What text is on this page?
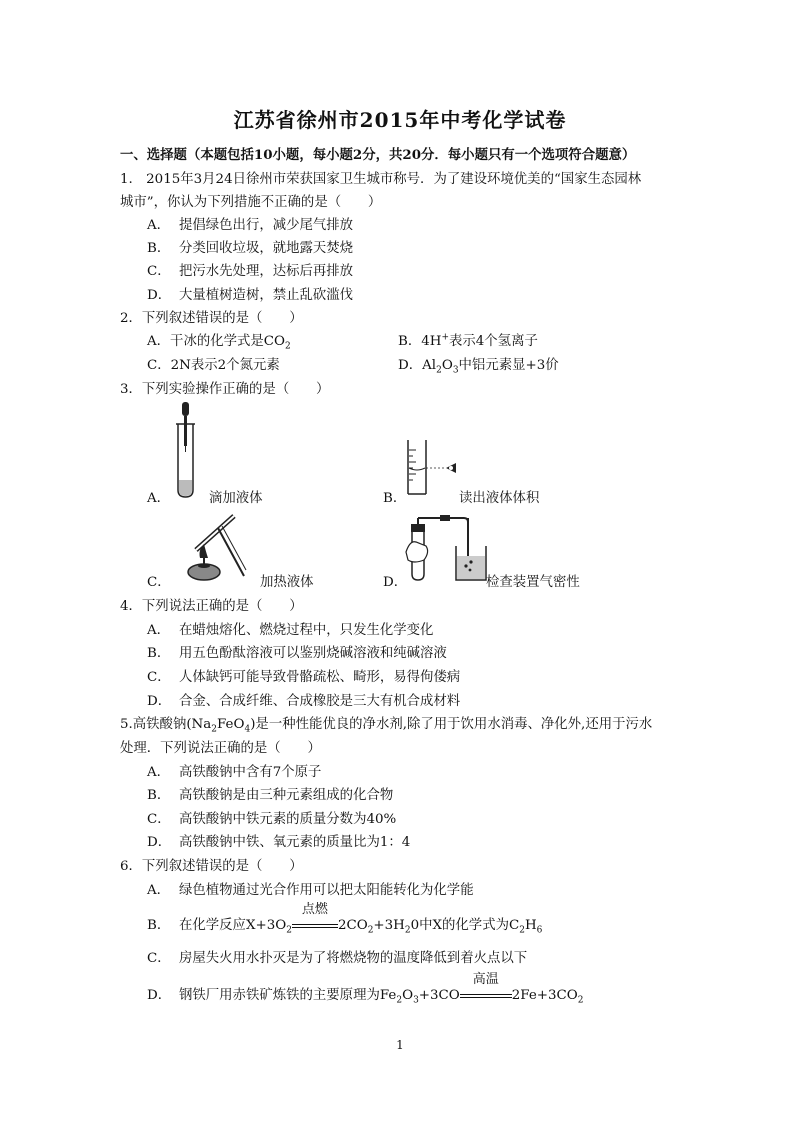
江苏省徐州市2015年中考化学试卷
一、选择题（本题包括10小题，每小题2分，共20分．每小题只有一个选项符合题意）
1.　2015年3月24日徐州市荣获国家卫生城市称号．为了建设环境优美的“国家生态园林
城市”，你认为下列措施不正确的是（　　）
A． 提倡绿色出行，减少尾气排放
B． 分类回收垃圾，就地露天焚烧
C． 把污水先处理，达标后再排放
D． 大量植树造树，禁止乱砍滥伐
2．下列叙述错误的是（　　）
A．干冰的化学式是$CO_2$	B．4H+表示4个氢离子
C．2N表示2个氮元素	D．$Al_2O_3$中铝元素显+3价
3．下列实验操作正确的是（　　）
A．	滴加液体	B．	读出液体体积
C．	加热液体	D．	检查装置气密性
4．下列说法正确的是（　　）
A． 在蜡烛熔化、燃烧过程中，只发生化学变化
B． 用五色酚酞溶液可以鉴别烧碱溶液和纯碱溶液
C． 人体缺钙可能导致骨骼疏松、畸形，易得佝偻病
D． 合金、合成纤维、合成橡胶是三大有机合成材料
5.高铁酸钠$(Na_2FeO_4)$是一种性能优良的净水剂,除了用于饮用水消毒、净化外,还用于污水
处理．下列说法正确的是（　　）
A． 高铁酸钠中含有7个原子
B． 高铁酸钠是由三种元素组成的化合物
C． 高铁酸钠中铁元素的质量分数为40%
D． 高铁酸钠中铁、氧元素的质量比为1：4
6．下列叙述错误的是（　　）
A． 绿色植物通过光合作用可以把太阳能转化为化学能
B． 在化学反应$X+3O_2$
点燃
$2CO_2+3H_20$中X的化学式为$C_2H_6$
C． 房屋失火用水扑灭是为了将燃烧物的温度降低到着火点以下
D． 钢铁厂用赤铁矿炼铁的主要原理为$Fe_2O_3+3CO$
高温
$2Fe+3CO_2$
1
